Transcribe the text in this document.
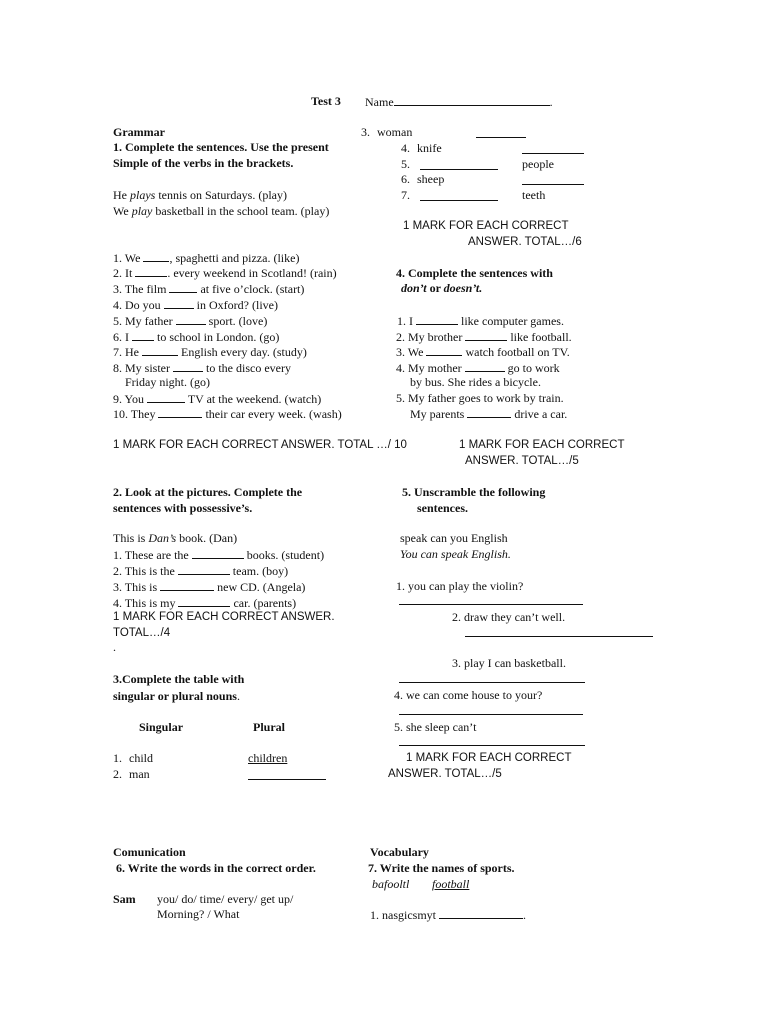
Test 3 Name	.
Grammar
1. Complete the sentences. Use the present
Simple of the verbs in the brackets.
He plays tennis on Saturdays. (play)
We play basketball in the school team. (play)
1. We , spaghetti and pizza. (like)
2. It	. every weekend in Scotland! (rain)
3. The film  at five o’clock. (start)
4. Do you	in Oxford? (live)
5. My father	sport. (love)
6. I  to school in London. (go)
7. He	English every day. (study)
8. My sister	to the disco every
Friday night. (go)
9. You	TV at the weekend. (watch)
10. They	their car every week. (wash)
1 MARK FOR EACH CORRECT ANSWER. TOTAL …/ 10
2. Look at the pictures. Complete the
sentences with possessive’s.
This is Dan’s book. (Dan)
1. These are the	books. (student)
2. This is the	team. (boy)
3. This is	new CD. (Angela)
4. This is my	car. (parents)
1 MARK FOR EACH CORRECT ANSWER.
TOTAL…/4
.
3.Complete the table with
singular or plural nouns.
Singular	Plural
1. child	children
2. man
3. woman
4. knife
5.	people
6. sheep
7.	teeth
1 MARK FOR EACH CORRECT
ANSWER. TOTAL…/6
4. Complete the sentences with
don’t or doesn’t.
1. I	like computer games.
2. My brother	like football.
3. We	watch football on TV.
4. My mother	go to work
by bus. She rides a bicycle.
5. My father goes to work by train.
My parents	drive a car.
1 MARK FOR EACH CORRECT
ANSWER. TOTAL…/5
5. Unscramble the following
sentences.
speak can you English
You can speak English.
1. you can play the violin?
2. draw they can’t well.
3. play I can basketball.
4. we can come house to your?
5. she sleep can’t
1 MARK FOR EACH CORRECT
ANSWER. TOTAL…/5
Comunication
6. Write the words in the correct order.
Sam you/ do/ time/ every/ get up/
Morning? / What
Vocabulary
7. Write the names of sports.
bafooltl football
1. nasgicsmyt	.
